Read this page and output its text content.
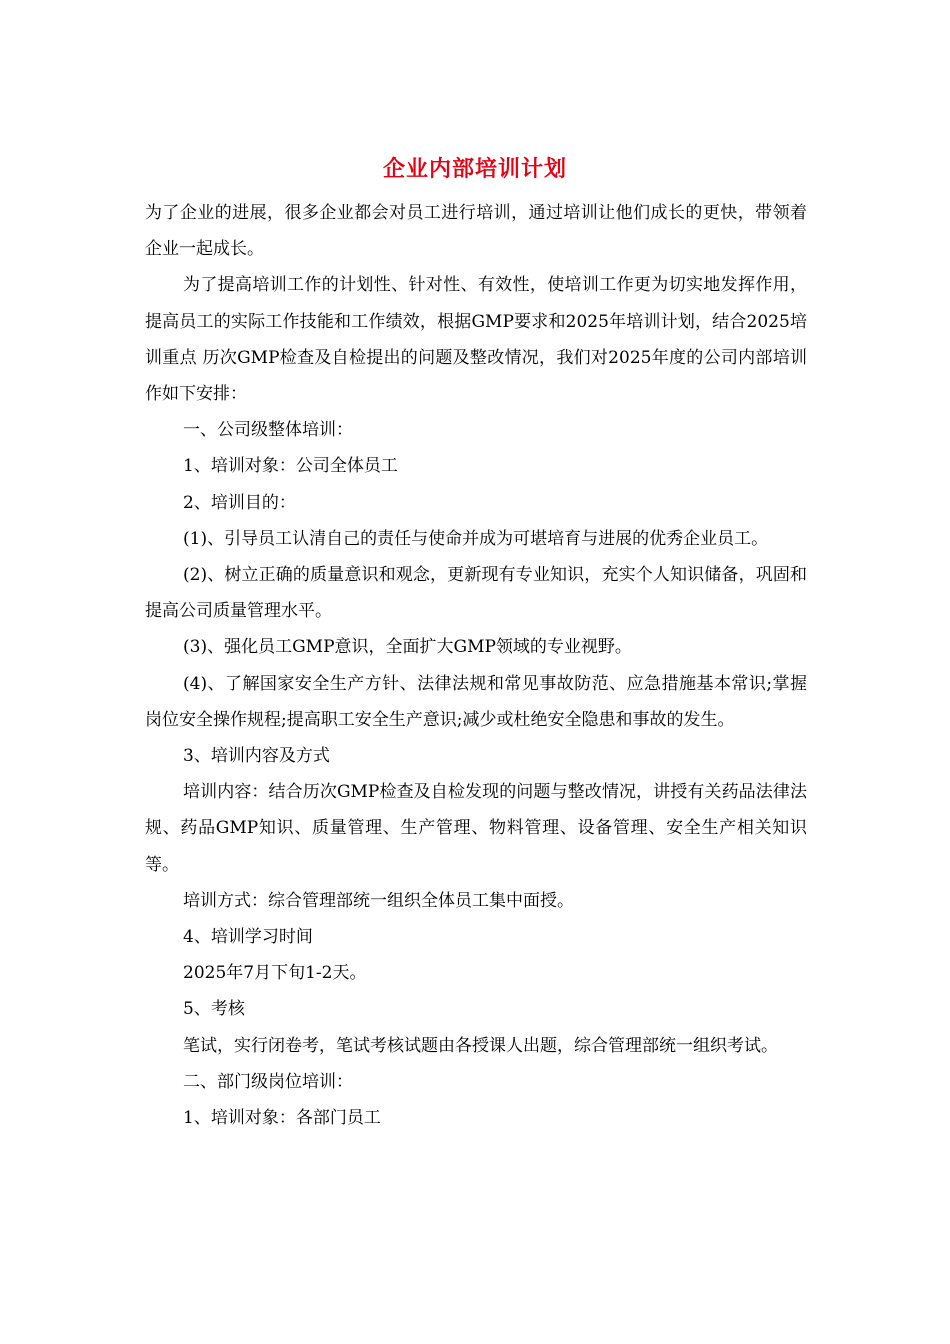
企业内部培训计划

为了企业的进展，很多企业都会对员工进行培训，通过培训让他们成长的更快，带领着企业一起成长。

为了提高培训工作的计划性、针对性、有效性，使培训工作更为切实地发挥作用，提高员工的实际工作技能和工作绩效，根据GMP要求和2025年培训计划，结合2025培训重点 历次GMP检查及自检提出的问题及整改情况，我们对2025年度的公司内部培训作如下安排：

一、公司级整体培训：

1、培训对象：公司全体员工

2、培训目的：

(1)、引导员工认清自己的责任与使命并成为可堪培育与进展的优秀企业员工。

(2)、树立正确的质量意识和观念，更新现有专业知识，充实个人知识储备，巩固和提高公司质量管理水平。

(3)、强化员工GMP意识，全面扩大GMP领域的专业视野。

(4)、了解国家安全生产方针、法律法规和常见事故防范、应急措施基本常识;掌握岗位安全操作规程;提高职工安全生产意识;减少或杜绝安全隐患和事故的发生。

3、培训内容及方式

培训内容：结合历次GMP检查及自检发现的问题与整改情况，讲授有关药品法律法规、药品GMP知识、质量管理、生产管理、物料管理、设备管理、安全生产相关知识等。

培训方式：综合管理部统一组织全体员工集中面授。

4、培训学习时间

2025年7月下旬1-2天。

5、考核

笔试，实行闭卷考，笔试考核试题由各授课人出题，综合管理部统一组织考试。

二、部门级岗位培训：

1、培训对象：各部门员工
